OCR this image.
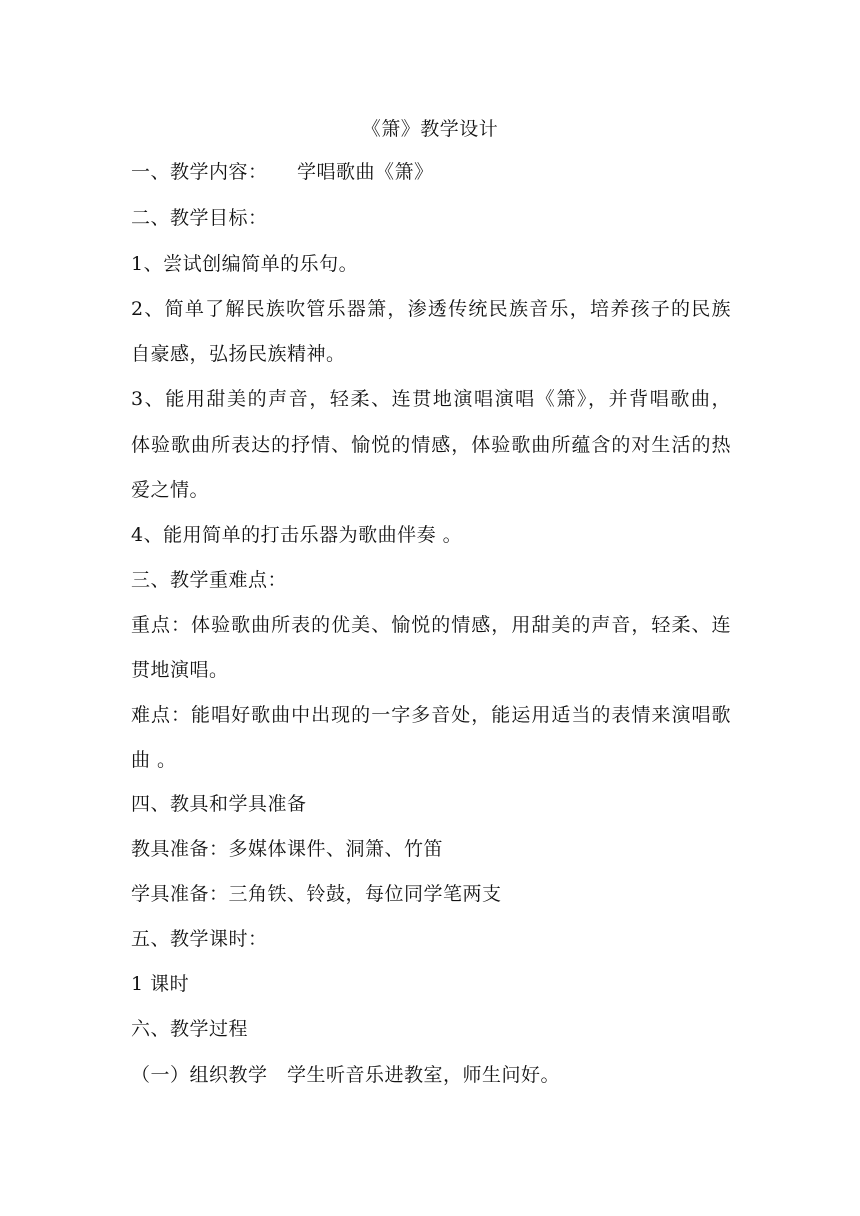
《箫》教学设计
一、教学内容：　　学唱歌曲《箫》
二、教学目标：
1、尝试创编简单的乐句。
2、简单了解民族吹管乐器箫，渗透传统民族音乐，培养孩子的民族
自豪感，弘扬民族精神。
3、能用甜美的声音，轻柔、连贯地演唱演唱《箫》，并背唱歌曲，
体验歌曲所表达的抒情、愉悦的情感，体验歌曲所蕴含的对生活的热
爱之情。
4、能用简单的打击乐器为歌曲伴奏 。
三、教学重难点：
重点：体验歌曲所表的优美、愉悦的情感，用甜美的声音，轻柔、连
贯地演唱。
难点：能唱好歌曲中出现的一字多音处，能运用适当的表情来演唱歌
曲 。
四、教具和学具准备
教具准备：多媒体课件、洞箫、竹笛
学具准备：三角铁、铃鼓，每位同学笔两支
五、教学课时：
1 课时
六、教学过程
（一）组织教学　学生听音乐进教室，师生问好。
